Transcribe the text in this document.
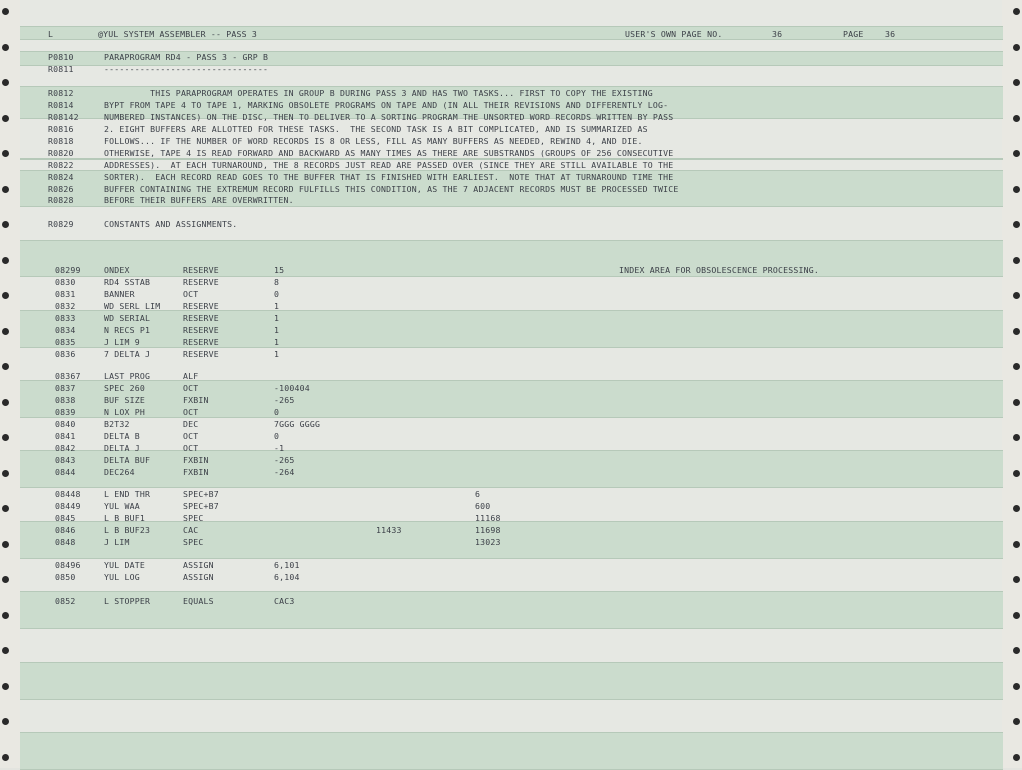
L	@YUL SYSTEM ASSEMBLER -- PASS 3	USER'S OWN PAGE NO.	36	PAGE	36
P0810	PARAPROGRAM RD4 - PASS 3 - GRP B
R0811	--------------------------------
R0812	THIS PARAPROGRAM OPERATES IN GROUP B DURING PASS 3 AND HAS TWO TASKS... FIRST TO COPY THE EXISTING
R0814	BYPT FROM TAPE 4 TO TAPE 1, MARKING OBSOLETE PROGRAMS ON TAPE AND (IN ALL THEIR REVISIONS AND DIFFERENTLY LOG-
R08142	NUMBERED INSTANCES) ON THE DISC, THEN TO DELIVER TO A SORTING PROGRAM THE UNSORTED WORD RECORDS WRITTEN BY PASS
R0816	2. EIGHT BUFFERS ARE ALLOTTED FOR THESE TASKS.  THE SECOND TASK IS A BIT COMPLICATED, AND IS SUMMARIZED AS
R0818	FOLLOWS... IF THE NUMBER OF WORD RECORDS IS 8 OR LESS, FILL AS MANY BUFFERS AS NEEDED, REWIND 4, AND DIE.
R0820	OTHERWISE, TAPE 4 IS READ FORWARD AND BACKWARD AS MANY TIMES AS THERE ARE SUBSTRANDS (GROUPS OF 256 CONSECUTIVE
R0822	ADDRESSES).  AT EACH TURNAROUND, THE 8 RECORDS JUST READ ARE PASSED OVER (SINCE THEY ARE STILL AVAILABLE TO THE
R0824	SORTER).  EACH RECORD READ GOES TO THE BUFFER THAT IS FINISHED WITH EARLIEST.  NOTE THAT AT TURNAROUND TIME THE
R0826	BUFFER CONTAINING THE EXTREMUM RECORD FULFILLS THIS CONDITION, AS THE 7 ADJACENT RECORDS MUST BE PROCESSED TWICE
R0828	BEFORE THEIR BUFFERS ARE OVERWRITTEN.
R0829	CONSTANTS AND ASSIGNMENTS.
08299	ONDEX	RESERVE	15	INDEX AREA FOR OBSOLESCENCE PROCESSING.
0830	RD4 SSTAB	RESERVE	8
0831	BANNER	OCT	0
0832	WD SERL LIM	RESERVE	1
0833	WD SERIAL	RESERVE	1
0834	N RECS P1	RESERVE	1
0835	J LIM 9	RESERVE	1
0836	7 DELTA J	RESERVE	1
08367	LAST PROG	ALF
0837	SPEC 260	OCT	-100404
0838	BUF SIZE	FXBIN	-265
0839	N LOX PH	OCT	0
0840	B2T32	DEC	7GGG GGGG
0841	DELTA B	OCT	0
0842	DELTA J	OCT	-1
0843	DELTA BUF	FXBIN	-265
0844	DEC264	FXBIN	-264
08448	L END THR	SPEC+B7	6
08449	YUL WAA	SPEC+B7	600
0845	L B BUF1	SPEC	11168
0846	L B BUF23	CAC	11433	11698
0848	J LIM	SPEC	13023
08496	YUL DATE	ASSIGN	6,101
0850	YUL LOG	ASSIGN	6,104
0852	L STOPPER	EQUALS	CAC3
